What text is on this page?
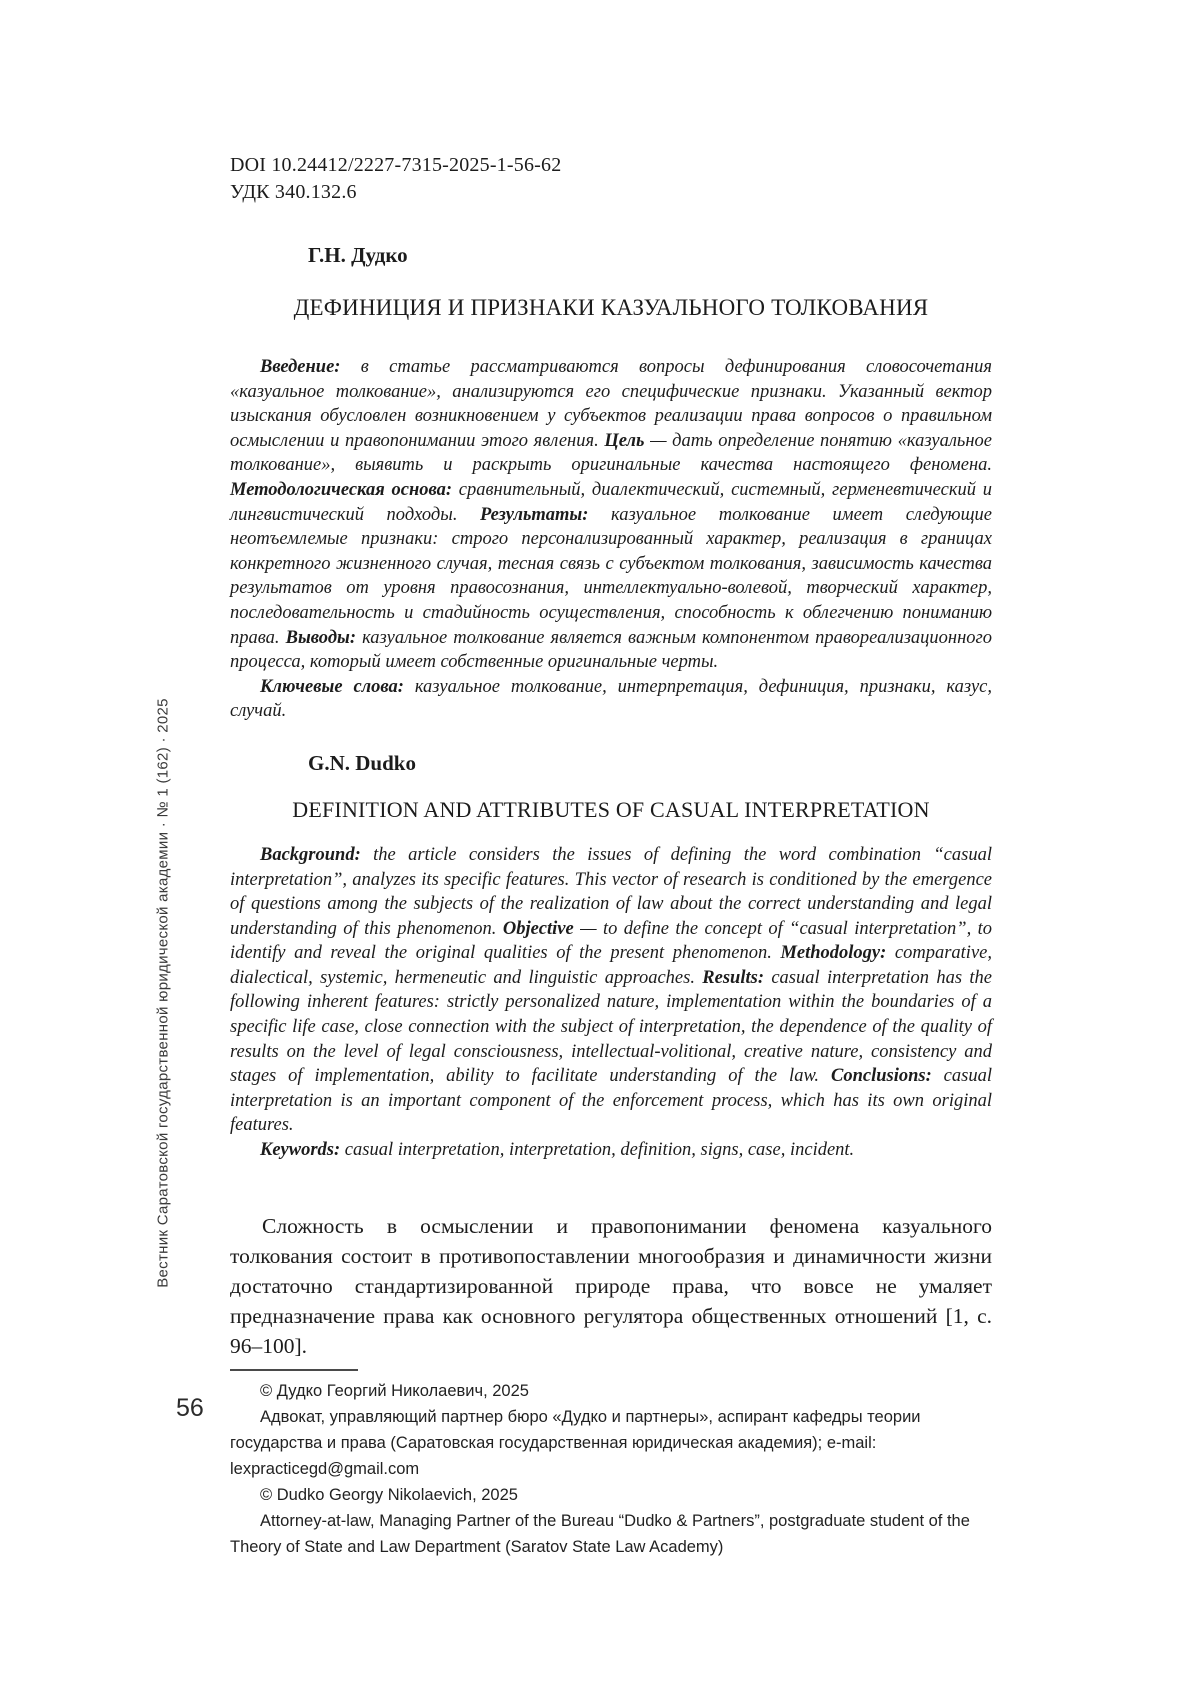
Вестник Саратовской государственной юридической академии · № 1 (162) · 2025
56
DOI 10.24412/2227-7315-2025-1-56-62
УДК 340.132.6

Г.Н. Дудко

ДЕФИНИЦИЯ И ПРИЗНАКИ КАЗУАЛЬНОГО ТОЛКОВАНИЯ

Введение: в статье рассматриваются вопросы дефинирования словосочетания «казуальное толкование», анализируются его специфические признаки. Указанный вектор изыскания обусловлен возникновением у субъектов реализации права вопросов о правильном осмыслении и правопонимании этого явления. Цель — дать определение понятию «казуальное толкование», выявить и раскрыть оригинальные качества настоящего феномена. Методологическая основа: сравнительный, диалектический, системный, герменевтический и лингвистический подходы. Результаты: казуальное толкование имеет следующие неотъемлемые признаки: строго персонализированный характер, реализация в границах конкретного жизненного случая, тесная связь с субъектом толкования, зависимость качества результатов от уровня правосознания, интеллектуально-волевой, творческий характер, последовательность и стадийность осуществления, способность к облегчению пониманию права. Выводы: казуальное толкование является важным компонентом правореализационного процесса, который имеет собственные оригинальные черты.

Ключевые слова: казуальное толкование, интерпретация, дефиниция, признаки, казус, случай.

G.N. Dudko

DEFINITION AND ATTRIBUTES OF CASUAL INTERPRETATION

Background: the article considers the issues of defining the word combination “casual interpretation”, analyzes its specific features. This vector of research is conditioned by the emergence of questions among the subjects of the realization of law about the correct understanding and legal understanding of this phenomenon. Objective — to define the concept of “casual interpretation”, to identify and reveal the original qualities of the present phenomenon. Methodology: comparative, dialectical, systemic, hermeneutic and linguistic approaches. Results: casual interpretation has the following inherent features: strictly personalized nature, implementation within the boundaries of a specific life case, close connection with the subject of interpretation, the dependence of the quality of results on the level of legal consciousness, intellectual-volitional, creative nature, consistency and stages of implementation, ability to facilitate understanding of the law. Conclusions: casual interpretation is an important component of the enforcement process, which has its own original features.

Keywords: casual interpretation, interpretation, definition, signs, case, incident.

Сложность в осмыслении и правопонимании феномена казуального толкования состоит в противопоставлении многообразия и динамичности жизни достаточно стандартизированной природе права, что вовсе не умаляет предназначение права как основного регулятора общественных отношений [1, с. 96–100].

© Дудко Георгий Николаевич, 2025

Адвокат, управляющий партнер бюро «Дудко и партнеры», аспирант кафедры теории государства и права (Саратовская государственная юридическая академия); e-mail: lexpracticegd@gmail.com

© Dudko Georgy Nikolaevich, 2025

Attorney-at-law, Managing Partner of the Bureau “Dudko & Partners”, postgraduate student of the Theory of State and Law Department (Saratov State Law Academy)
